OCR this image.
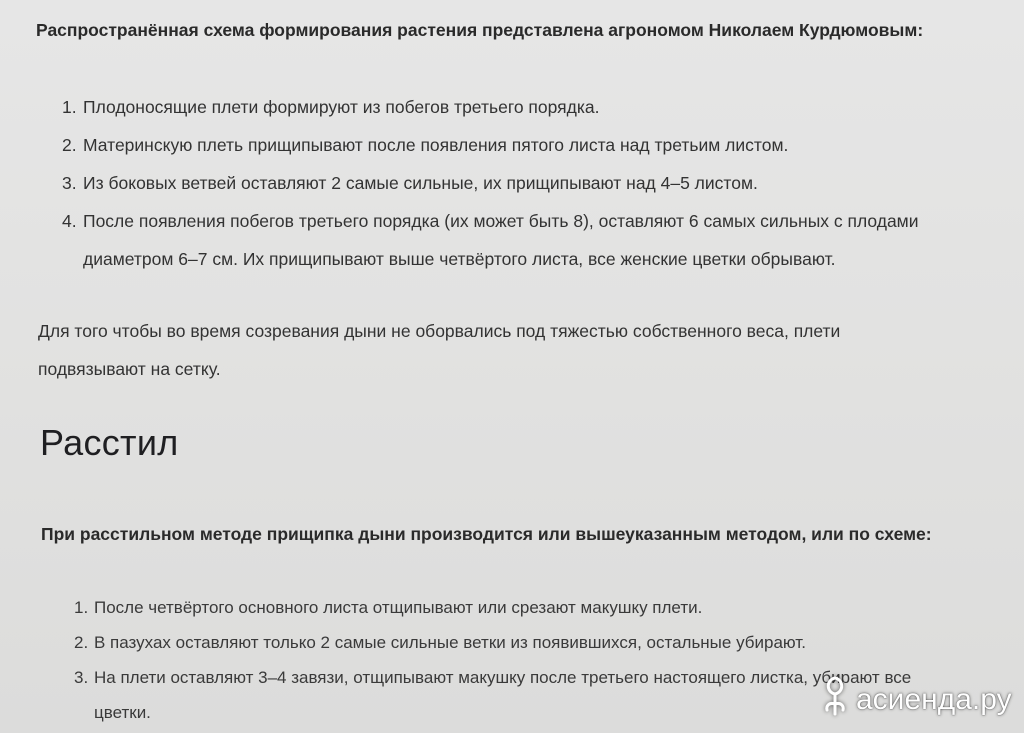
Распространённая схема формирования растения представлена агрономом Николаем Курдюмовым:

1. Плодоносящие плети формируют из побегов третьего порядка.
2. Материнскую плеть прищипывают после появления пятого листа над третьим листом.
3. Из боковых ветвей оставляют 2 самые сильные, их прищипывают над 4–5 листом.
4. После появления побегов третьего порядка (их может быть 8), оставляют 6 самых сильных с плодами
диаметром 6–7 см. Их прищипывают выше четвёртого листа, все женские цветки обрывают.

Для того чтобы во время созревания дыни не оборвались под тяжестью собственного веса, плети
подвязывают на сетку.

Расстил

При расстильном методе прищипка дыни производится или вышеуказанным методом, или по схеме:

1. После четвёртого основного листа отщипывают или срезают макушку плети.
2. В пазухах оставляют только 2 самые сильные ветки из появившихся, остальные убирают.
3. На плети оставляют 3–4 завязи, отщипывают макушку после третьего настоящего листка, убирают все
цветки.	асиенда.ру
